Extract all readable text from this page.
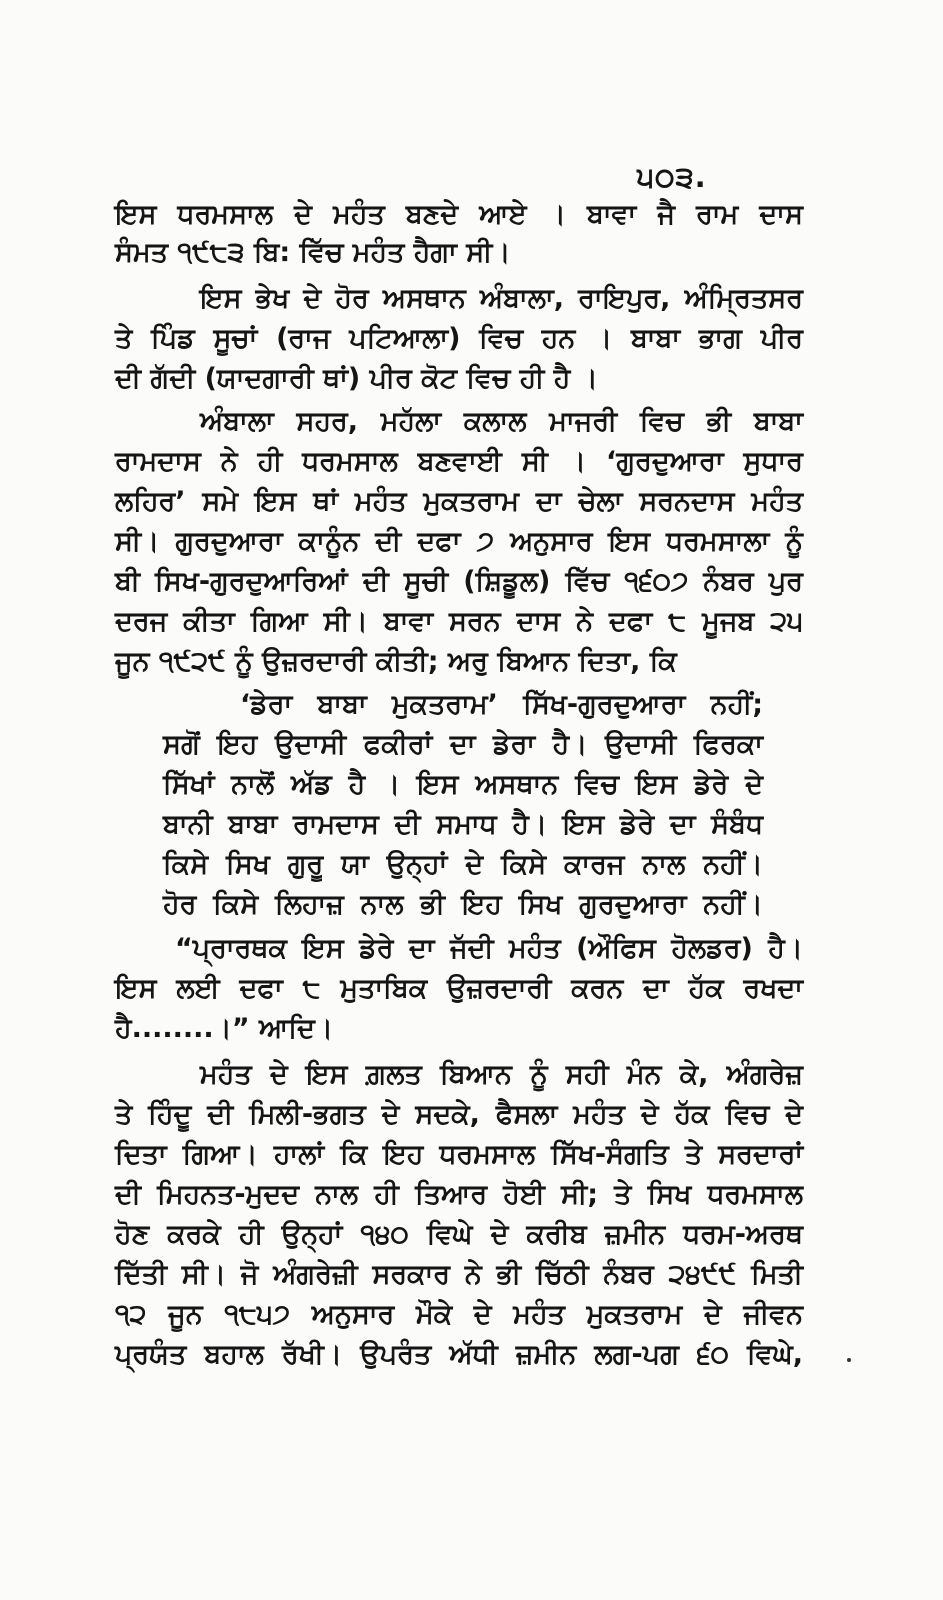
੫੦੩.
ਇਸ ਧਰਮਸਾਲ ਦੇ ਮਹੰਤ ਬਣਦੇ ਆਏ । ਬਾਵਾ ਜੈ ਰਾਮ ਦਾਸ
ਸੰਮਤ ੧੯੮੩ ਬਿ: ਵਿੱਚ ਮਹੰਤ ਹੈਗਾ ਸੀ।
ਇਸ ਭੇਖ ਦੇ ਹੋਰ ਅਸਥਾਨ ਅੰਬਾਲਾ, ਰਾਇਪੁਰ, ਅੰਮ੍ਰਿਤਸਰ
ਤੇ ਪਿੰਡ ਸੂਚਾਂ (ਰਾਜ ਪਟਿਆਲਾ) ਵਿਚ ਹਨ । ਬਾਬਾ ਭਾਗ ਪੀਰ
ਦੀ ਗੱਦੀ (ਯਾਦਗਾਰੀ ਥਾਂ) ਪੀਰ ਕੋਟ ਵਿਚ ਹੀ ਹੈ ।
ਅੰਬਾਲਾ ਸਹਰ, ਮਹੱਲਾ ਕਲਾਲ ਮਾਜਰੀ ਵਿਚ ਭੀ ਬਾਬਾ
ਰਾਮਦਾਸ ਨੇ ਹੀ ਧਰਮਸਾਲ ਬਣਵਾਈ ਸੀ । ‘ਗੁਰਦੁਆਰਾ ਸੁਧਾਰ
ਲਹਿਰ’ ਸਮੇ ਇਸ ਥਾਂ ਮਹੰਤ ਮੁਕਤਰਾਮ ਦਾ ਚੇਲਾ ਸਰਨਦਾਸ ਮਹੰਤ
ਸੀ। ਗੁਰਦੁਆਰਾ ਕਾਨੂੰਨ ਦੀ ਦਫਾ ੭ ਅਨੁਸਾਰ ਇਸ ਧਰਮਸਾਲਾ ਨੂੰ
ਬੀ ਸਿਖ-ਗੁਰਦੁਆਰਿਆਂ ਦੀ ਸੂਚੀ (ਸ਼ਿਡੂਲ) ਵਿੱਚ ੧੬੦੭ ਨੰਬਰ ਪੁਰ
ਦਰਜ ਕੀਤਾ ਗਿਆ ਸੀ। ਬਾਵਾ ਸਰਨ ਦਾਸ ਨੇ ਦਫਾ ੮ ਮੂਜਬ ੨੫
ਜੂਨ ੧੯੨੯ ਨੂੰ ਉਜ਼ਰਦਾਰੀ ਕੀਤੀ; ਅਰੁ ਬਿਆਨ ਦਿਤਾ, ਕਿ
‘ਡੇਰਾ ਬਾਬਾ ਮੁਕਤਰਾਮ’ ਸਿੱਖ-ਗੁਰਦੁਆਰਾ ਨਹੀਂ;
ਸਗੋਂ ਇਹ ਉਦਾਸੀ ਫਕੀਰਾਂ ਦਾ ਡੇਰਾ ਹੈ। ਉਦਾਸੀ ਫਿਰਕਾ
ਸਿੱਖਾਂ ਨਾਲੋਂ ਅੱਡ ਹੈ । ਇਸ ਅਸਥਾਨ ਵਿਚ ਇਸ ਡੇਰੇ ਦੇ
ਬਾਨੀ ਬਾਬਾ ਰਾਮਦਾਸ ਦੀ ਸਮਾਧ ਹੈ। ਇਸ ਡੇਰੇ ਦਾ ਸੰਬੰਧ
ਕਿਸੇ ਸਿਖ ਗੁਰੂ ਯਾ ਉਨ੍ਹਾਂ ਦੇ ਕਿਸੇ ਕਾਰਜ ਨਾਲ ਨਹੀਂ।
ਹੋਰ ਕਿਸੇ ਲਿਹਾਜ਼ ਨਾਲ ਭੀ ਇਹ ਸਿਖ ਗੁਰਦੁਆਰਾ ਨਹੀਂ।
“ਪ੍ਰਾਰਥਕ ਇਸ ਡੇਰੇ ਦਾ ਜੱਦੀ ਮਹੰਤ (ਔਫਿਸ ਹੋਲਡਰ) ਹੈ।
ਇਸ ਲਈ ਦਫਾ ੮ ਮੁਤਾਬਿਕ ਉਜ਼ਰਦਾਰੀ ਕਰਨ ਦਾ ਹੱਕ ਰਖਦਾ
ਹੈ........।” ਆਦਿ।
ਮਹੰਤ ਦੇ ਇਸ ਗ਼ਲਤ ਬਿਆਨ ਨੂੰ ਸਹੀ ਮੰਨ ਕੇ, ਅੰਗਰੇਜ਼
ਤੇ ਹਿੰਦੂ ਦੀ ਮਿਲੀ-ਭਗਤ ਦੇ ਸਦਕੇ, ਫੈਸਲਾ ਮਹੰਤ ਦੇ ਹੱਕ ਵਿਚ ਦੇ
ਦਿਤਾ ਗਿਆ। ਹਾਲਾਂ ਕਿ ਇਹ ਧਰਮਸਾਲ ਸਿੱਖ-ਸੰਗਤਿ ਤੇ ਸਰਦਾਰਾਂ
ਦੀ ਮਿਹਨਤ-ਮੁਦਦ ਨਾਲ ਹੀ ਤਿਆਰ ਹੋਈ ਸੀ; ਤੇ ਸਿਖ ਧਰਮਸਾਲ
ਹੋਣ ਕਰਕੇ ਹੀ ਉਨ੍ਹਾਂ ੧੪੦ ਵਿਘੇ ਦੇ ਕਰੀਬ ਜ਼ਮੀਨ ਧਰਮ-ਅਰਥ
ਦਿੱਤੀ ਸੀ। ਜੋ ਅੰਗਰੇਜ਼ੀ ਸਰਕਾਰ ਨੇ ਭੀ ਚਿੱਠੀ ਨੰਬਰ ੨੪੯੯ ਮਿਤੀ
੧੨ ਜੂਨ ੧੮੫੭ ਅਨੁਸਾਰ ਮੌਕੇ ਦੇ ਮਹੰਤ ਮੁਕਤਰਾਮ ਦੇ ਜੀਵਨ
ਪ੍ਰਯੰਤ ਬਹਾਲ ਰੱਖੀ। ਉਪਰੰਤ ਅੱਧੀ ਜ਼ਮੀਨ ਲਗ-ਪਗ ੬੦ ਵਿਘੇ,
